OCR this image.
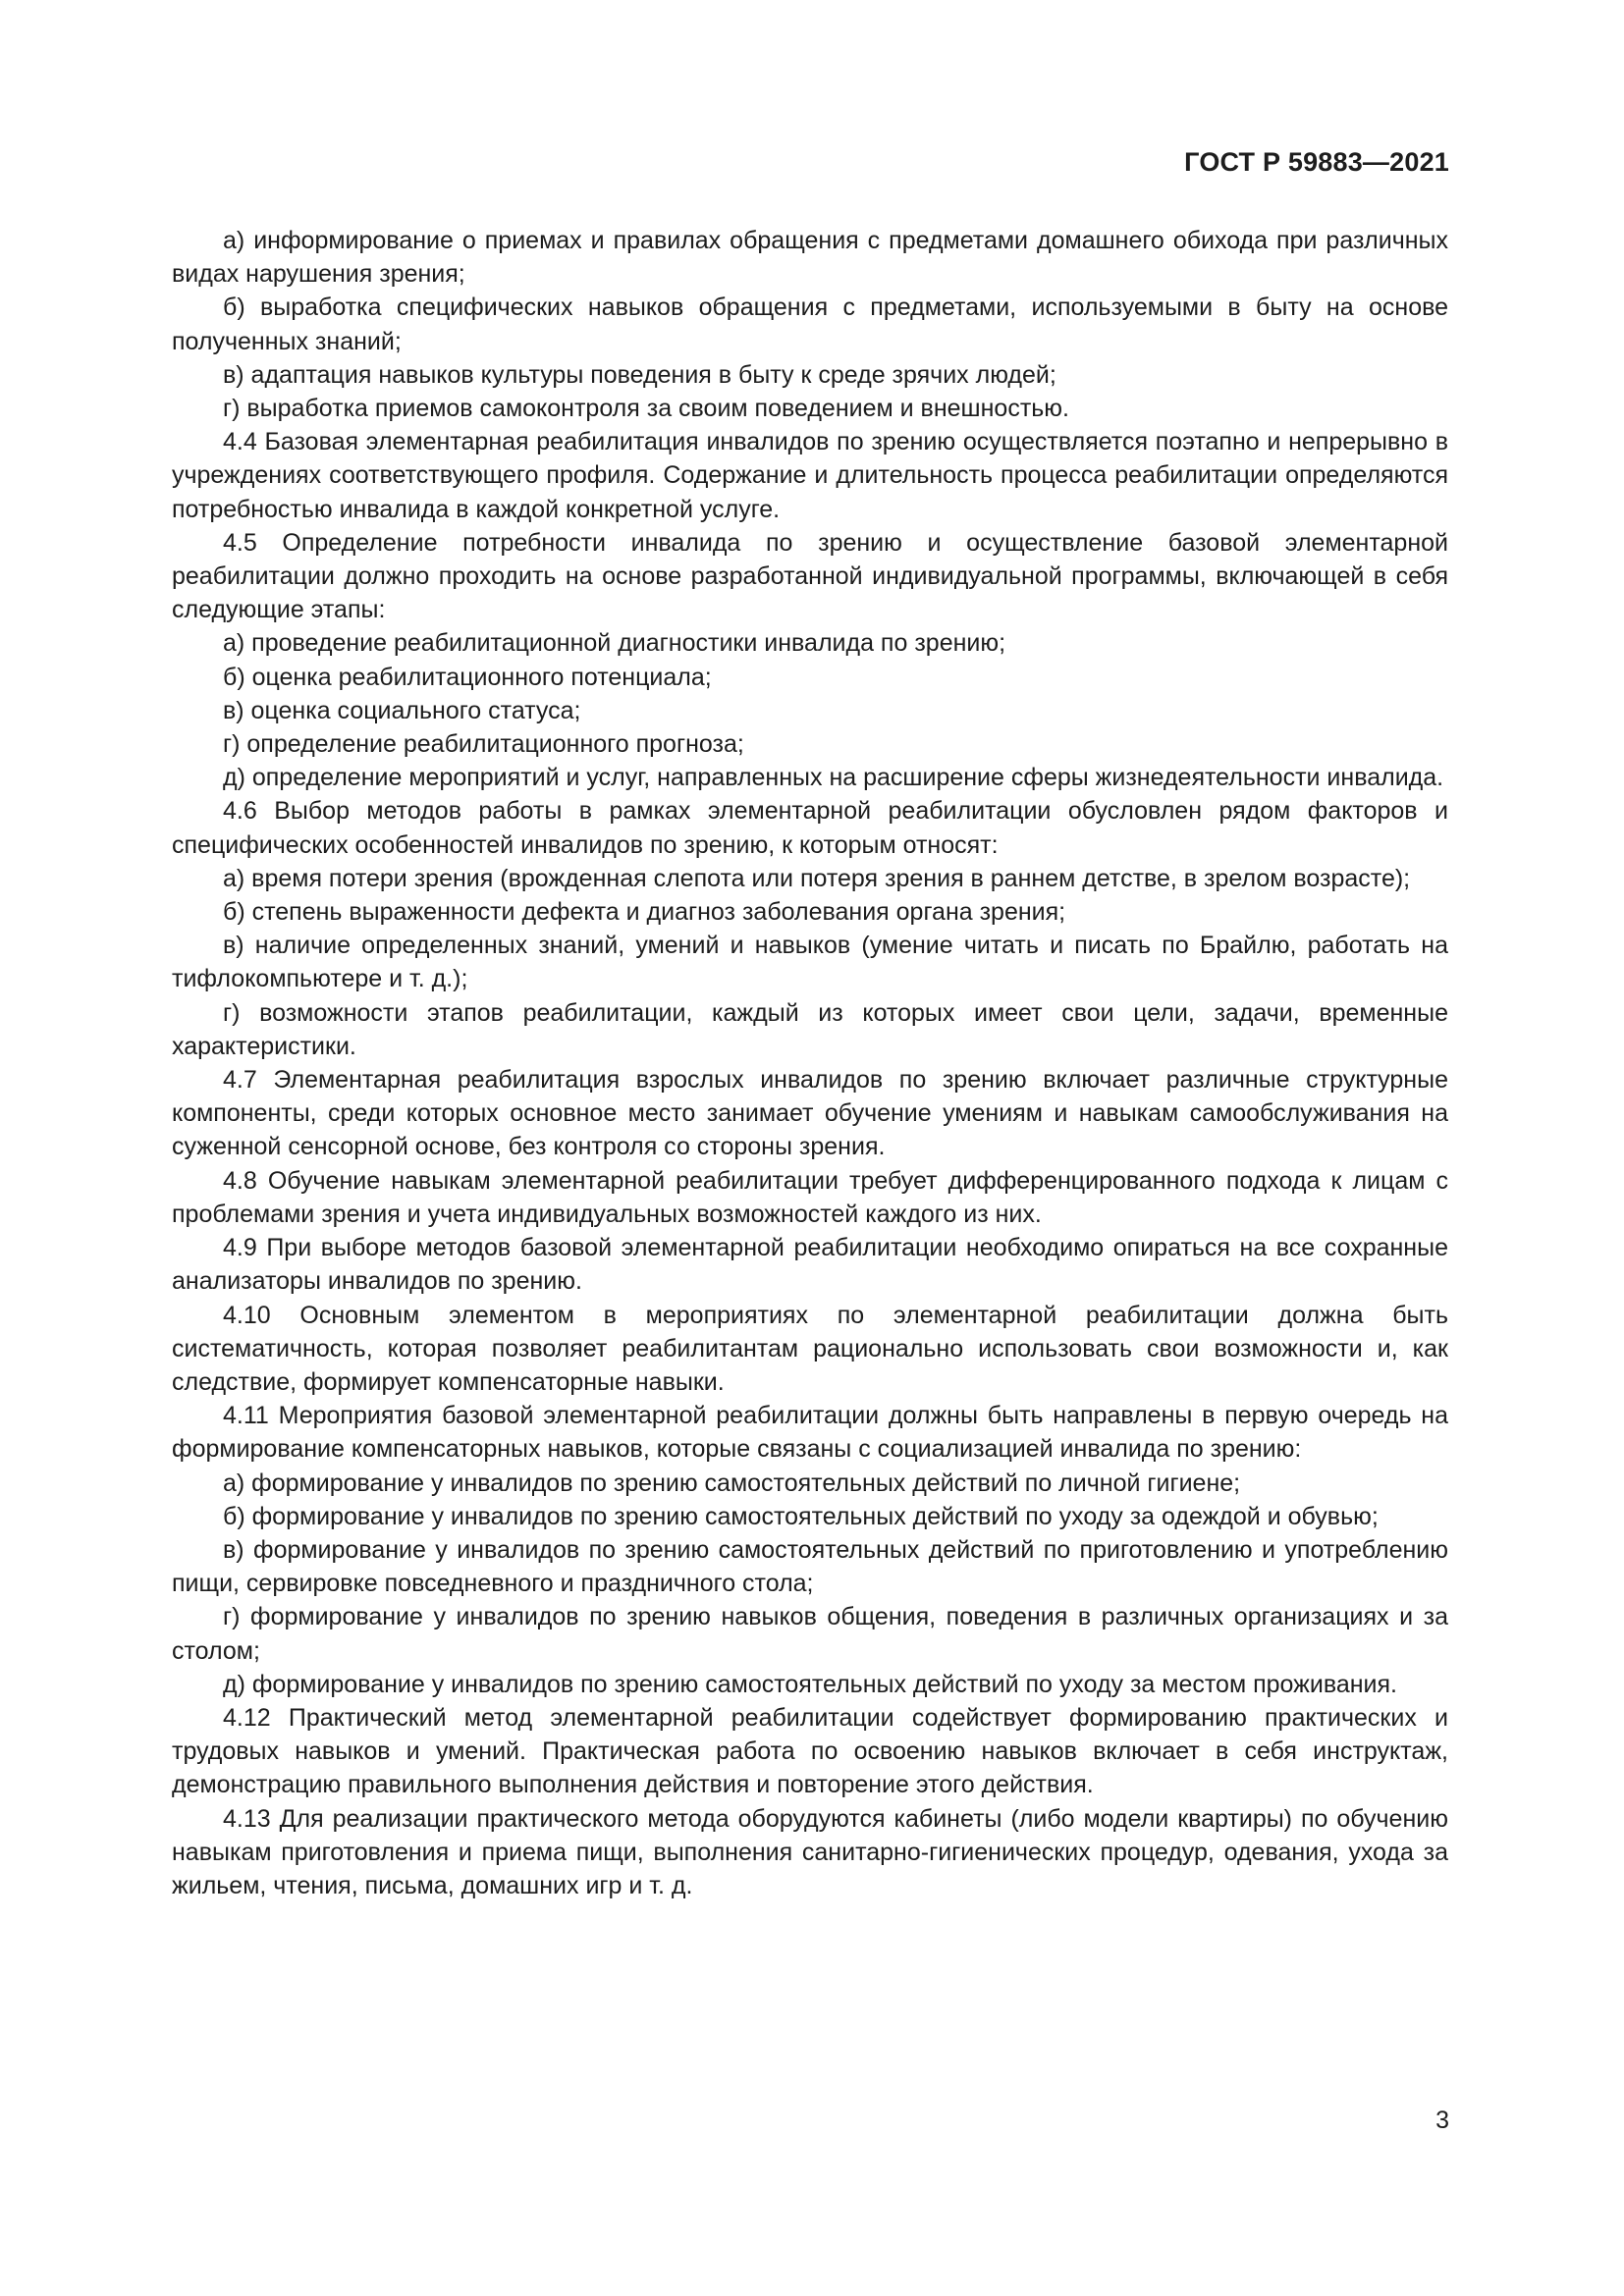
ГОСТ Р 59883—2021

а) информирование о приемах и правилах обращения с предметами домашнего обихода при различных видах нарушения зрения;

б) выработка специфических навыков обращения с предметами, используемыми в быту на основе полученных знаний;

в) адаптация навыков культуры поведения в быту к среде зрячих людей;

г) выработка приемов самоконтроля за своим поведением и внешностью.

4.4 Базовая элементарная реабилитация инвалидов по зрению осуществляется поэтапно и непрерывно в учреждениях соответствующего профиля. Содержание и длительность процесса реабилитации определяются потребностью инвалида в каждой конкретной услуге.

4.5 Определение потребности инвалида по зрению и осуществление базовой элементарной реабилитации должно проходить на основе разработанной индивидуальной программы, включающей в себя следующие этапы:

а) проведение реабилитационной диагностики инвалида по зрению;

б) оценка реабилитационного потенциала;

в) оценка социального статуса;

г) определение реабилитационного прогноза;

д) определение мероприятий и услуг, направленных на расширение сферы жизнедеятельности инвалида.

4.6 Выбор методов работы в рамках элементарной реабилитации обусловлен рядом факторов и специфических особенностей инвалидов по зрению, к которым относят:

а) время потери зрения (врожденная слепота или потеря зрения в раннем детстве, в зрелом возрасте);

б) степень выраженности дефекта и диагноз заболевания органа зрения;

в) наличие определенных знаний, умений и навыков (умение читать и писать по Брайлю, работать на тифлокомпьютере и т. д.);

г) возможности этапов реабилитации, каждый из которых имеет свои цели, задачи, временные характеристики.

4.7 Элементарная реабилитация взрослых инвалидов по зрению включает различные структурные компоненты, среди которых основное место занимает обучение умениям и навыкам самообслуживания на суженной сенсорной основе, без контроля со стороны зрения.

4.8 Обучение навыкам элементарной реабилитации требует дифференцированного подхода к лицам с проблемами зрения и учета индивидуальных возможностей каждого из них.

4.9 При выборе методов базовой элементарной реабилитации необходимо опираться на все сохранные анализаторы инвалидов по зрению.

4.10 Основным элементом в мероприятиях по элементарной реабилитации должна быть систематичность, которая позволяет реабилитантам рационально использовать свои возможности и, как следствие, формирует компенсаторные навыки.

4.11 Мероприятия базовой элементарной реабилитации должны быть направлены в первую очередь на формирование компенсаторных навыков, которые связаны с социализацией инвалида по зрению:

а) формирование у инвалидов по зрению самостоятельных действий по личной гигиене;

б) формирование у инвалидов по зрению самостоятельных действий по уходу за одеждой и обувью;

в) формирование у инвалидов по зрению самостоятельных действий по приготовлению и употреблению пищи, сервировке повседневного и праздничного стола;

г) формирование у инвалидов по зрению навыков общения, поведения в различных организациях и за столом;

д) формирование у инвалидов по зрению самостоятельных действий по уходу за местом проживания.

4.12 Практический метод элементарной реабилитации содействует формированию практических и трудовых навыков и умений. Практическая работа по освоению навыков включает в себя инструктаж, демонстрацию правильного выполнения действия и повторение этого действия.

4.13 Для реализации практического метода оборудуются кабинеты (либо модели квартиры) по обучению навыкам приготовления и приема пищи, выполнения санитарно-гигиенических процедур, одевания, ухода за жильем, чтения, письма, домашних игр и т. д.

3
